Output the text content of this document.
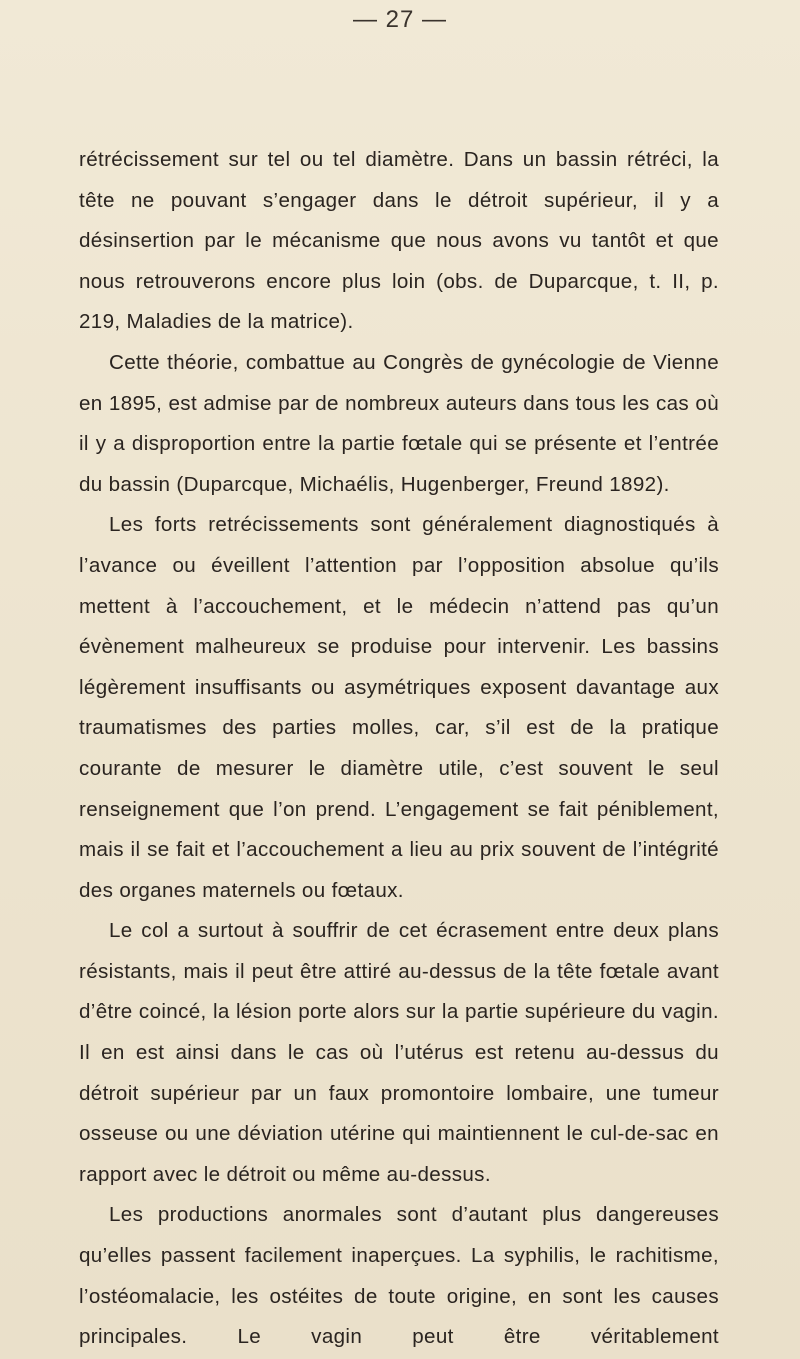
— 27 —

rétrécissement sur tel ou tel diamètre. Dans un bassin rétréci, la tête ne pouvant s’engager dans le détroit supérieur, il y a désinsertion par le mécanisme que nous avons vu tantôt et que nous retrouverons encore plus loin (obs. de Duparcque, t. II, p. 219, Maladies de la matrice).

Cette théorie, combattue au Congrès de gynécologie de Vienne en 1895, est admise par de nombreux auteurs dans tous les cas où il y a disproportion entre la partie fœtale qui se présente et l’entrée du bassin (Duparcque, Michaélis, Hugenberger, Freund 1892).

Les forts retrécissements sont généralement diagnostiqués à l’avance ou éveillent l’attention par l’opposition absolue qu’ils mettent à l’accouchement, et le médecin n’attend pas qu’un évènement malheureux se produise pour intervenir. Les bassins légèrement insuffisants ou asymétriques exposent davantage aux traumatismes des parties molles, car, s’il est de la pratique courante de mesurer le diamètre utile, c’est souvent le seul renseignement que l’on prend. L’engagement se fait péniblement, mais il se fait et l’accouchement a lieu au prix souvent de l’intégrité des organes maternels ou fœtaux.

Le col a surtout à souffrir de cet écrasement entre deux plans résistants, mais il peut être attiré au-dessus de la tête fœtale avant d’être coincé, la lésion porte alors sur la partie supérieure du vagin. Il en est ainsi dans le cas où l’utérus est retenu au-dessus du détroit supérieur par un faux promontoire lombaire, une tumeur osseuse ou une déviation utérine qui maintiennent le cul-de-sac en rapport avec le détroit ou même au-dessus.

Les productions anormales sont d’autant plus dangereuses qu’elles passent facilement inaperçues. La syphilis, le rachitisme, l’ostéomalacie, les ostéites de toute origine, en sont les causes principales. Le vagin peut être véritablement
